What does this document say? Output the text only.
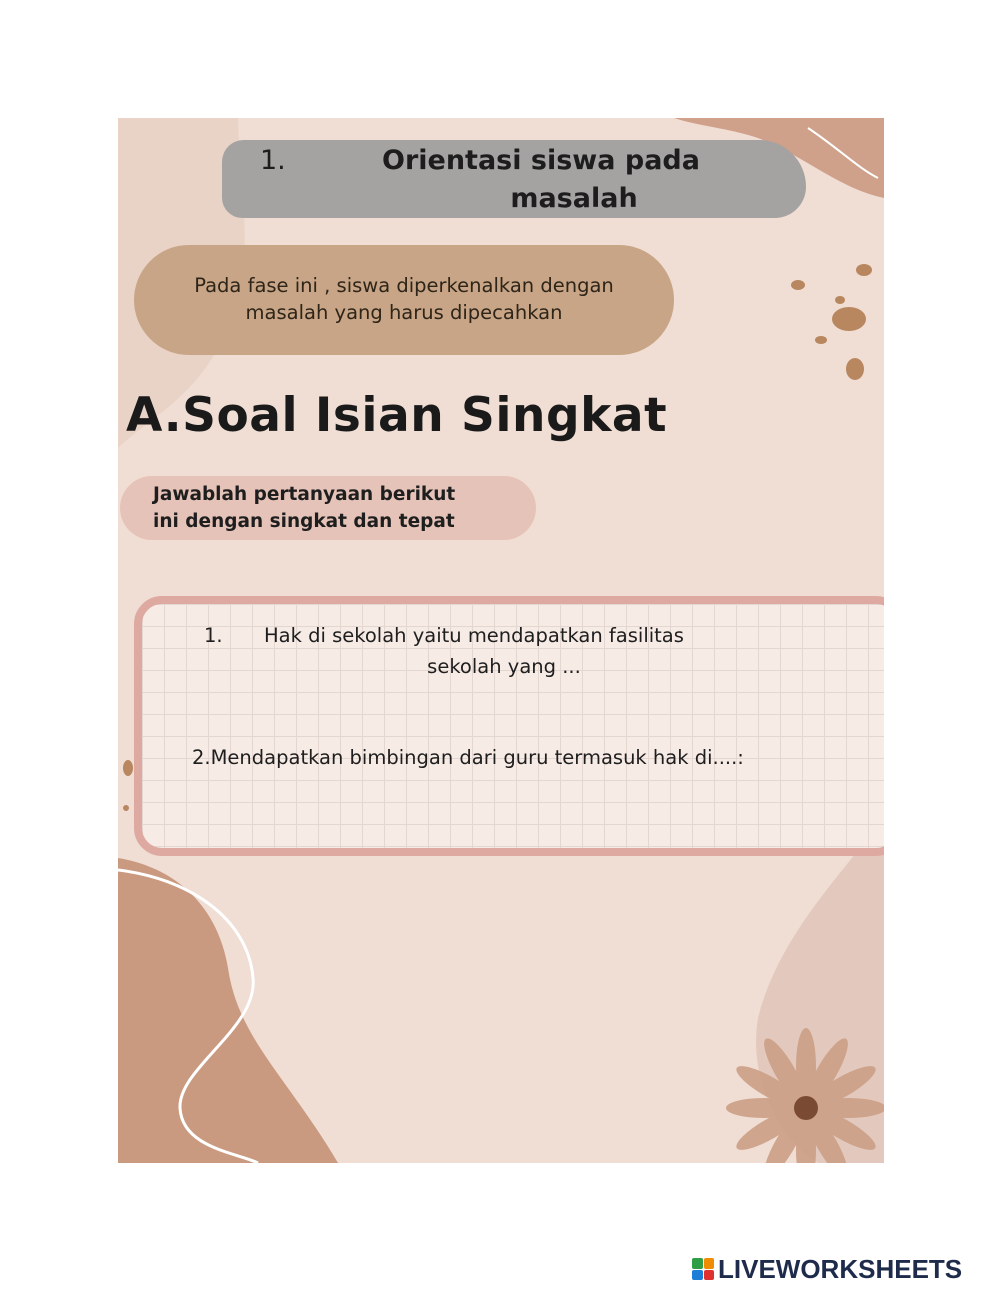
1.	Orientasi siswa pada
masalah
Pada fase ini , siswa diperkenalkan dengan
masalah yang harus dipecahkan
A.Soal Isian Singkat
Jawablah pertanyaan berikut
ini dengan singkat dan tepat
1.	Hak di sekolah yaitu mendapatkan fasilitas
sekolah yang ...
2.Mendapatkan bimbingan dari guru termasuk hak di....:
LIVEWORKSHEETS
